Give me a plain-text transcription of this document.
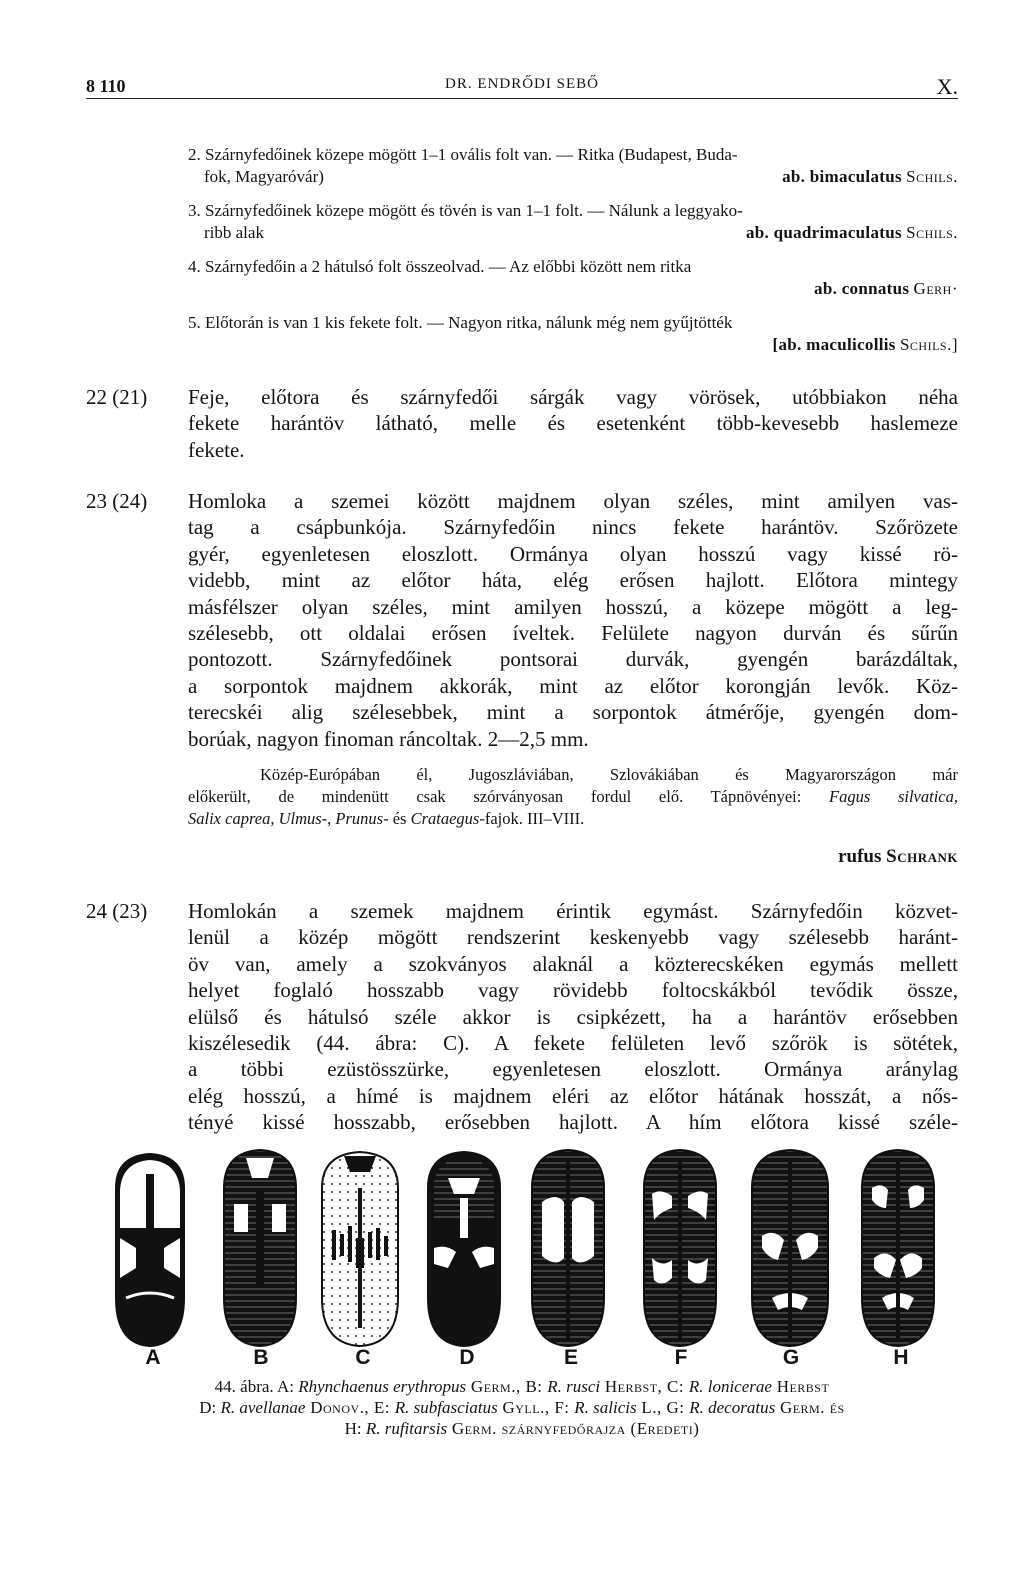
8 110	DR. ENDRŐDI SEBŐ	X.
2. Szárnyfedőinek közepe mögött 1–1 ovális folt van. — Ritka (Budapest, Buda-
fok, Magyaróvár)	ab. bimaculatus Schils.
3. Szárnyfedőinek közepe mögött és tövén is van 1–1 folt. — Nálunk a leggyako-
ribb alak	ab. quadrimaculatus Schils.
4. Szárnyfedőin a 2 hátulsó folt összeolvad. — Az előbbi között nem ritka
ab. connatus Gerh·
5. Előtorán is van 1 kis fekete folt. — Nagyon ritka, nálunk még nem gyűjtötték
[ab. maculicollis Schils.]
22 (21)	Feje, előtora és szárnyfedői sárgák vagy vörösek, utóbbiakon néha
fekete harántöv látható, melle és esetenként több-kevesebb haslemeze
fekete.
23 (24)	Homloka a szemei között majdnem olyan széles, mint amilyen vas-
tag a csápbunkója. Szárnyfedőin nincs fekete harántöv. Szőrözete
gyér, egyenletesen eloszlott. Ormánya olyan hosszú vagy kissé rö-
videbb, mint az előtor háta, elég erősen hajlott. Előtora mintegy
másfélszer olyan széles, mint amilyen hosszú, a közepe mögött a leg-
szélesebb, ott oldalai erősen íveltek. Felülete nagyon durván és sűrűn
pontozott. Szárnyfedőinek pontsorai durvák, gyengén barázdáltak,
a sorpontok majdnem akkorák, mint az előtor korongján levők. Köz-
terecskéi alig szélesebbek, mint a sorpontok átmérője, gyengén dom-
borúak, nagyon finoman ráncoltak. 2—2,5 mm.
Közép-Európában él, Jugoszláviában, Szlovákiában és Magyarországon már
előkerült, de mindenütt csak szórványosan fordul elő. Tápnövényei: Fagus silvatica,
Salix caprea, Ulmus-, Prunus- és Crataegus-fajok. III–VIII.
rufus Schrank
24 (23)	Homlokán a szemek majdnem érintik egymást. Szárnyfedőin közvet-
lenül a közép mögött rendszerint keskenyebb vagy szélesebb haránt-
öv van, amely a szokványos alaknál a közterecskéken egymás mellett
helyet foglaló hosszabb vagy rövidebb foltocskákból tevődik össze,
elülső és hátulsó széle akkor is csipkézett, ha a harántöv erősebben
kiszélesedik (44. ábra: C). A fekete felületen levő szőrök is sötétek,
a többi ezüstösszürke, egyenletesen eloszlott. Ormánya aránylag
elég hosszú, a hímé is majdnem eléri az előtor hátának hosszát, a nős-
tényé kissé hosszabb, erősebben hajlott. A hím előtora kissé széle-
A	B	C	D	E	F	G	H
44. ábra. A: Rhynchaenus erythropus Germ., B: R. rusci Herbst, C: R. lonicerae Herbst
D: R. avellanae Donov., E: R. subfasciatus Gyll., F: R. salicis L., G: R. decoratus Germ. és
H: R. rufitarsis Germ. szárnyfedőrajza (Eredeti)
